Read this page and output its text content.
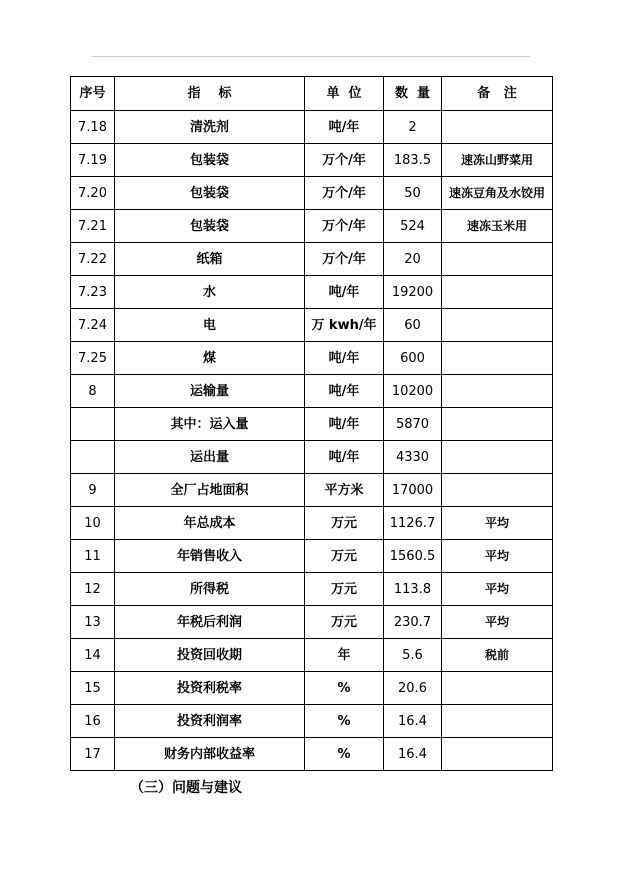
序号	指    标	单  位	数  量	备   注
7.18	清洗剂	吨/年	2	
7.19	包装袋	万个/年	183.5	速冻山野菜用
7.20	包装袋	万个/年	50	速冻豆角及水饺用
7.21	包装袋	万个/年	524	速冻玉米用
7.22	纸箱	万个/年	20	
7.23	水	吨/年	19200	
7.24	电	万 kwh/年	60	
7.25	煤	吨/年	600	
8	运输量	吨/年	10200	
	其中：运入量	吨/年	5870	
	运出量	吨/年	4330	
9	全厂占地面积	平方米	17000	
10	年总成本	万元	1126.7	平均
11	年销售收入	万元	1560.5	平均
12	所得税	万元	113.8	平均
13	年税后利润	万元	230.7	平均
14	投资回收期	年	5.6	税前
15	投资利税率	%	20.6	
16	投资利润率	%	16.4	
17	财务内部收益率	%	16.4	
（三）问题与建议
